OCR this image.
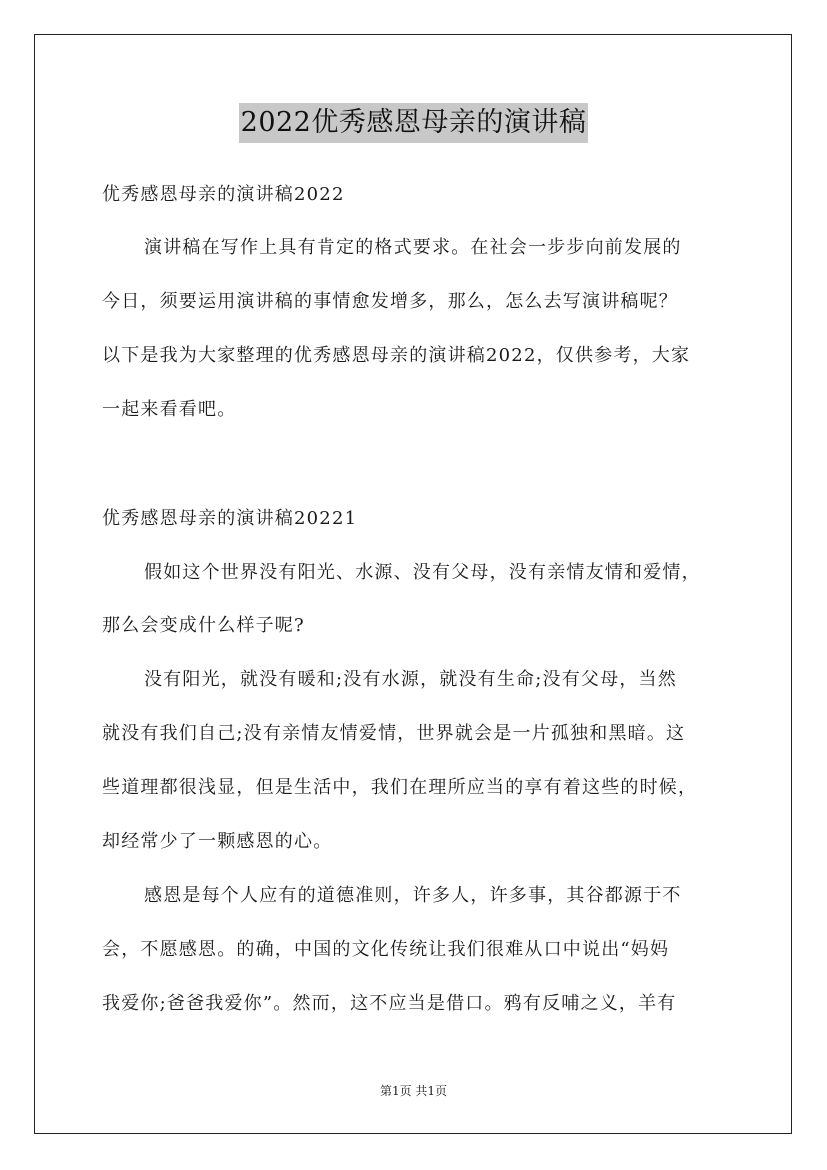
2022优秀感恩母亲的演讲稿
优秀感恩母亲的演讲稿2022
演讲稿在写作上具有肯定的格式要求。在社会一步步向前发展的
今日，须要运用演讲稿的事情愈发增多，那么，怎么去写演讲稿呢？
以下是我为大家整理的优秀感恩母亲的演讲稿2022，仅供参考，大家
一起来看看吧。
优秀感恩母亲的演讲稿20221
假如这个世界没有阳光、水源、没有父母，没有亲情友情和爱情，
那么会变成什么样子呢?
没有阳光，就没有暖和;没有水源，就没有生命;没有父母，当然
就没有我们自己;没有亲情友情爱情，世界就会是一片孤独和黑暗。这
些道理都很浅显，但是生活中，我们在理所应当的享有着这些的时候，
却经常少了一颗感恩的心。
感恩是每个人应有的道德准则，许多人，许多事，其谷都源于不
会，不愿感恩。的确，中国的文化传统让我们很难从口中说出“妈妈
我爱你;爸爸我爱你”。然而，这不应当是借口。鸦有反哺之义，羊有
第1页 共1页
